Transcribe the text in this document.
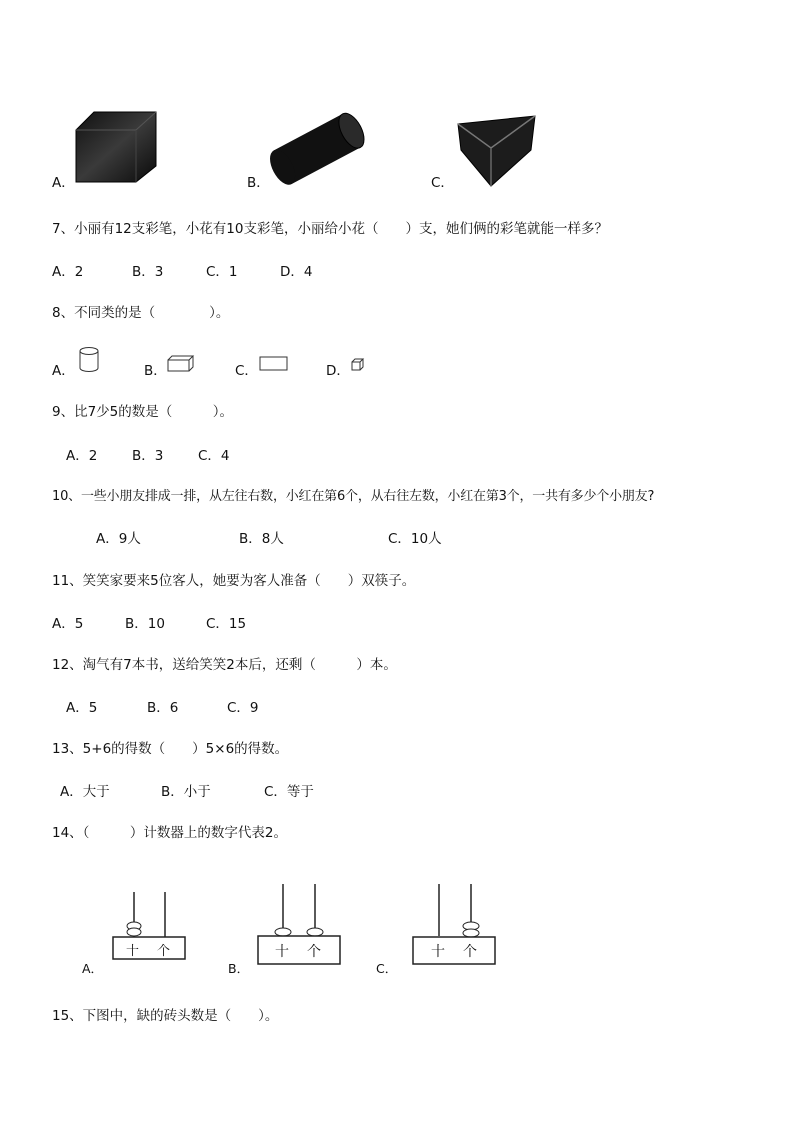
A．	B．	C．
7、小丽有12支彩笔，小花有10支彩笔，小丽给小花（　　）支，她们俩的彩笔就能一样多？
A．2	B．3	C．1	D．4
8、不同类的是（　　　　）。
A．	B．	C．	D．
9、比7少5的数是（　　　）。
A．2	B．3	C．4
10、一些小朋友排成一排，从左往右数，小红在第6个，从右往左数，小红在第3个，一共有多少个小朋友?
A．9人	B．8人	C．10人
11、笑笑家要来5位客人，她要为客人准备（　　）双筷子。
A．5	B．10	C．15
12、淘气有7本书，送给笑笑2本后，还剩（　　　）本。
A．5	B．6	C．9
13、5+6的得数（　　）5×6的得数。
A．大于	B．小于	C．等于
14、（　　　）计数器上的数字代表2。
A．
十 个
B．
十 个
C．
十 个
15、下图中，缺的砖头数是（　　）。
